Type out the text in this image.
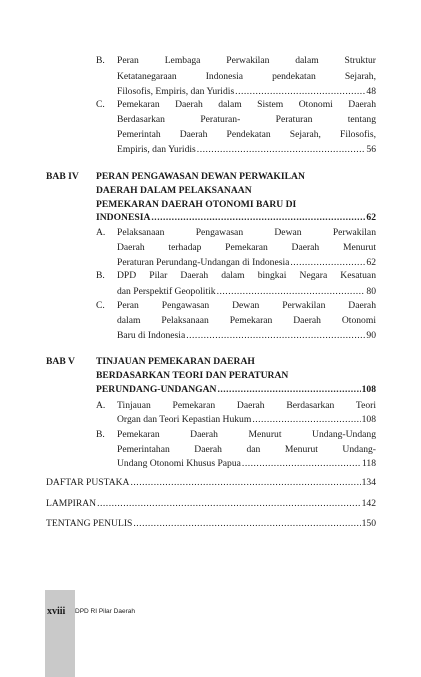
B. Peran Lembaga Perwakilan dalam Struktur
Ketatanegaraan Indonesia pendekatan Sejarah,
Filosofis, Empiris, dan Yuridis .....	48
C. Pemekaran Daerah dalam Sistem Otonomi Daerah
Berdasarkan Peraturan- Peraturan tentang
Pemerintah Daerah Pendekatan Sejarah, Filosofis,
Empiris, dan Yuridis .....	56
BAB IV PERAN PENGAWASAN DEWAN PERWAKILAN
DAERAH DALAM PELAKSANAAN
PEMEKARAN DAERAH OTONOMI BARU DI
INDONESIA .....	62
A. Pelaksanaan Pengawasan Dewan Perwakilan
Daerah terhadap Pemekaran Daerah Menurut
Peraturan Perundang-Undangan di Indonesia .....	62
B. DPD Pilar Daerah dalam bingkai Negara Kesatuan
dan Perspektif Geopolitik .....	80
C. Peran Pengawasan Dewan Perwakilan Daerah
dalam Pelaksanaan Pemekaran Daerah Otonomi
Baru di Indonesia .....	90
BAB V TINJAUAN PEMEKARAN DAERAH
BERDASARKAN TEORI DAN PERATURAN
PERUNDANG-UNDANGAN .....	108
A. Tinjauan Pemekaran Daerah Berdasarkan Teori
Organ dan Teori Kepastian Hukum .....	108
B. Pemekaran Daerah Menurut Undang-Undang
Pemerintahan Daerah dan Menurut Undang-
Undang Otonomi Khusus Papua .....	118
DAFTAR PUSTAKA .....	134
LAMPIRAN .....	142
TENTANG PENULIS .....	150
xviii DPD RI Pilar Daerah
